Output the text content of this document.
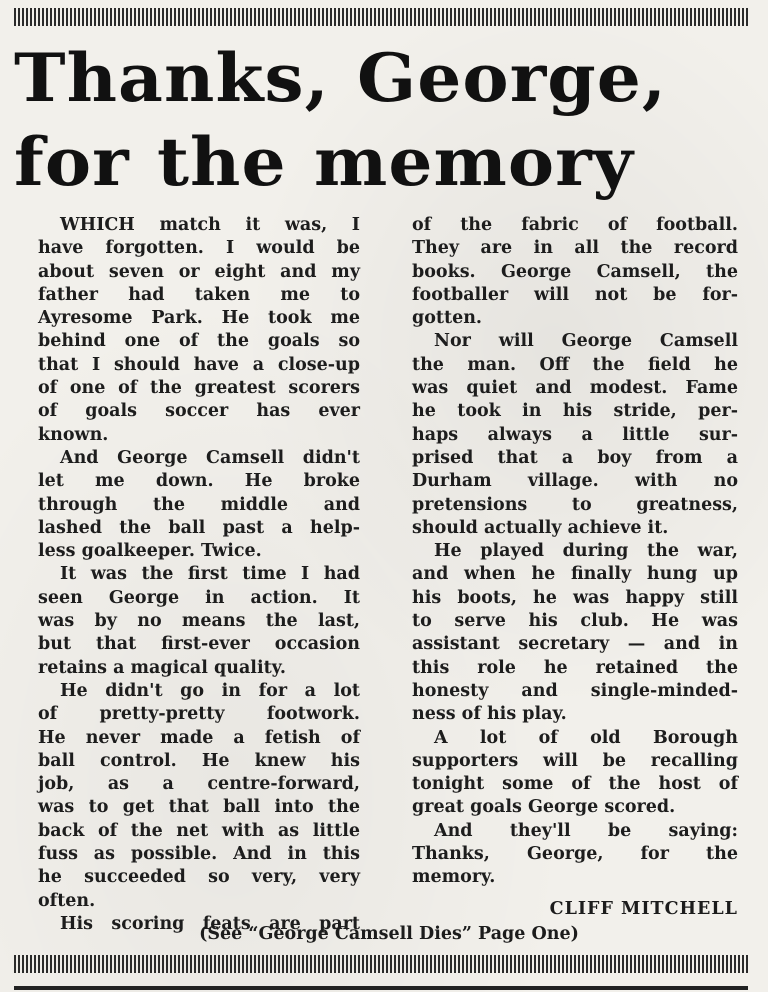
Thanks, George,
for the memory
WHICH match it was, I
have forgotten. I would be
about seven or eight and my
father had taken me to
Ayresome Park. He took me
behind one of the goals so
that I should have a close-up
of one of the greatest scorers
of goals soccer has ever
known.
And George Camsell didn't
let me down. He broke
through the middle and
lashed the ball past a help-
less goalkeeper. Twice.
It was the first time I had
seen George in action. It
was by no means the last,
but that first-ever occasion
retains a magical quality.
He didn't go in for a lot
of pretty-pretty footwork.
He never made a fetish of
ball control. He knew his
job, as a centre-forward,
was to get that ball into the
back of the net with as little
fuss as possible. And in this
he succeeded so very, very
often.
His scoring feats are part
of the fabric of football.
They are in all the record
books. George Camsell, the
footballer will not be for-
gotten.
Nor will George Camsell
the man. Off the field he
was quiet and modest. Fame
he took in his stride, per-
haps always a little sur-
prised that a boy from a
Durham village. with no
pretensions to greatness,
should actually achieve it.
He played during the war,
and when he finally hung up
his boots, he was happy still
to serve his club. He was
assistant secretary — and in
this role he retained the
honesty and single-minded-
ness of his play.
A lot of old Borough
supporters will be recalling
tonight some of the host of
great goals George scored.
And they'll be saying:
Thanks, George, for the
memory.
CLIFF MITCHELL
(See “George Camsell Dies” Page One)
